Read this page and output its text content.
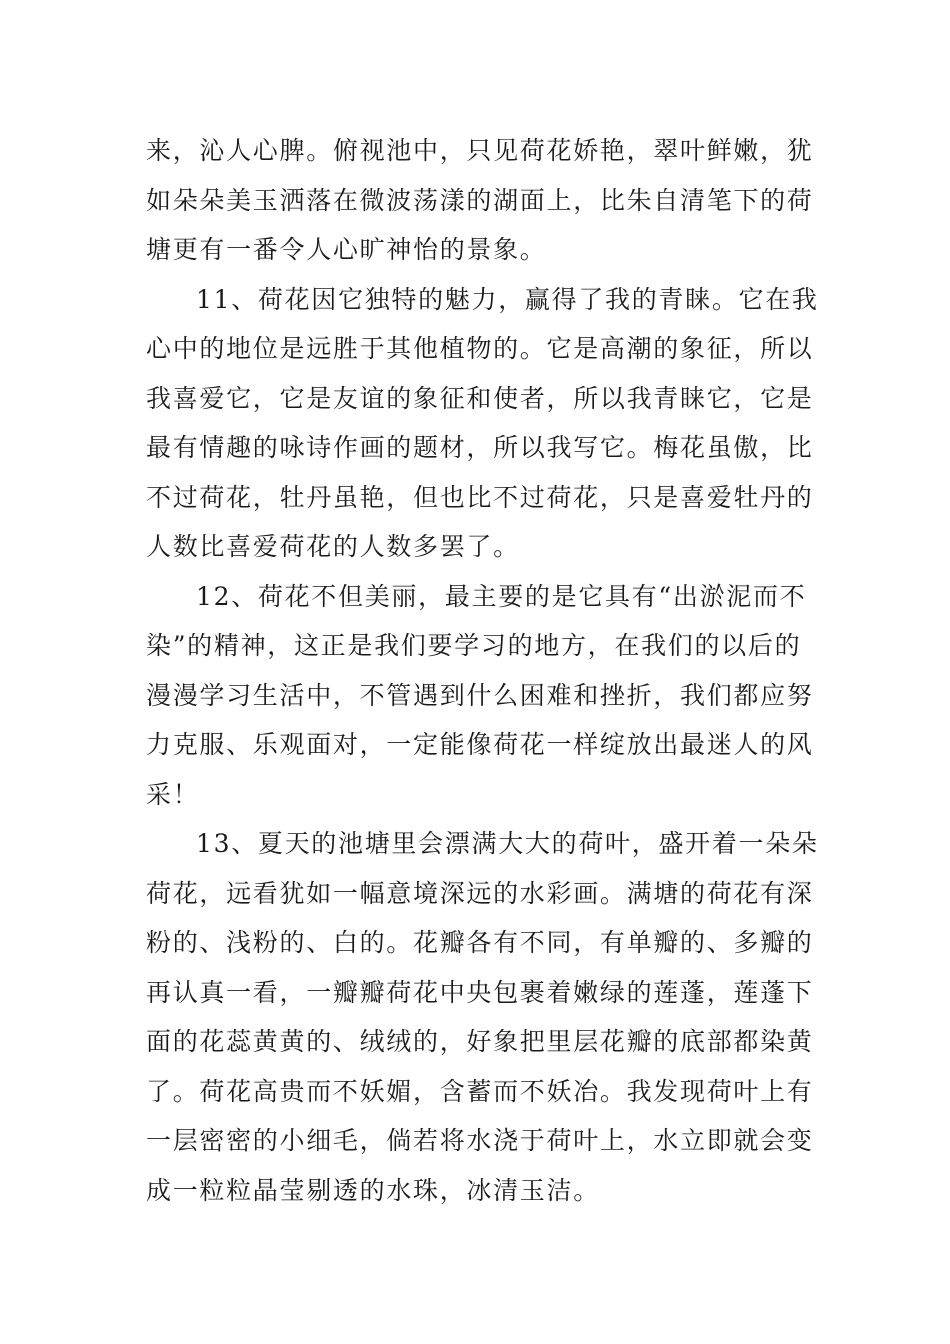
来，沁人心脾。俯视池中，只见荷花娇艳，翠叶鲜嫩，犹
如朵朵美玉洒落在微波荡漾的湖面上，比朱自清笔下的荷
塘更有一番令人心旷神怡的景象。
11、荷花因它独特的魅力，赢得了我的青睐。它在我
心中的地位是远胜于其他植物的。它是高潮的象征，所以
我喜爱它，它是友谊的象征和使者，所以我青睐它，它是
最有情趣的咏诗作画的题材，所以我写它。梅花虽傲，比
不过荷花，牡丹虽艳，但也比不过荷花，只是喜爱牡丹的
人数比喜爱荷花的人数多罢了。
12、荷花不但美丽，最主要的是它具有“出淤泥而不
染”的精神，这正是我们要学习的地方，在我们的以后的
漫漫学习生活中，不管遇到什么困难和挫折，我们都应努
力克服、乐观面对，一定能像荷花一样绽放出最迷人的风
采！
13、夏天的池塘里会漂满大大的荷叶，盛开着一朵朵
荷花，远看犹如一幅意境深远的水彩画。满塘的荷花有深
粉的、浅粉的、白的。花瓣各有不同，有单瓣的、多瓣的
再认真一看，一瓣瓣荷花中央包裹着嫩绿的莲蓬，莲蓬下
面的花蕊黄黄的、绒绒的，好象把里层花瓣的底部都染黄
了。荷花高贵而不妖媚，含蓄而不妖冶。我发现荷叶上有
一层密密的小细毛，倘若将水浇于荷叶上，水立即就会变
成一粒粒晶莹剔透的水珠，冰清玉洁。
